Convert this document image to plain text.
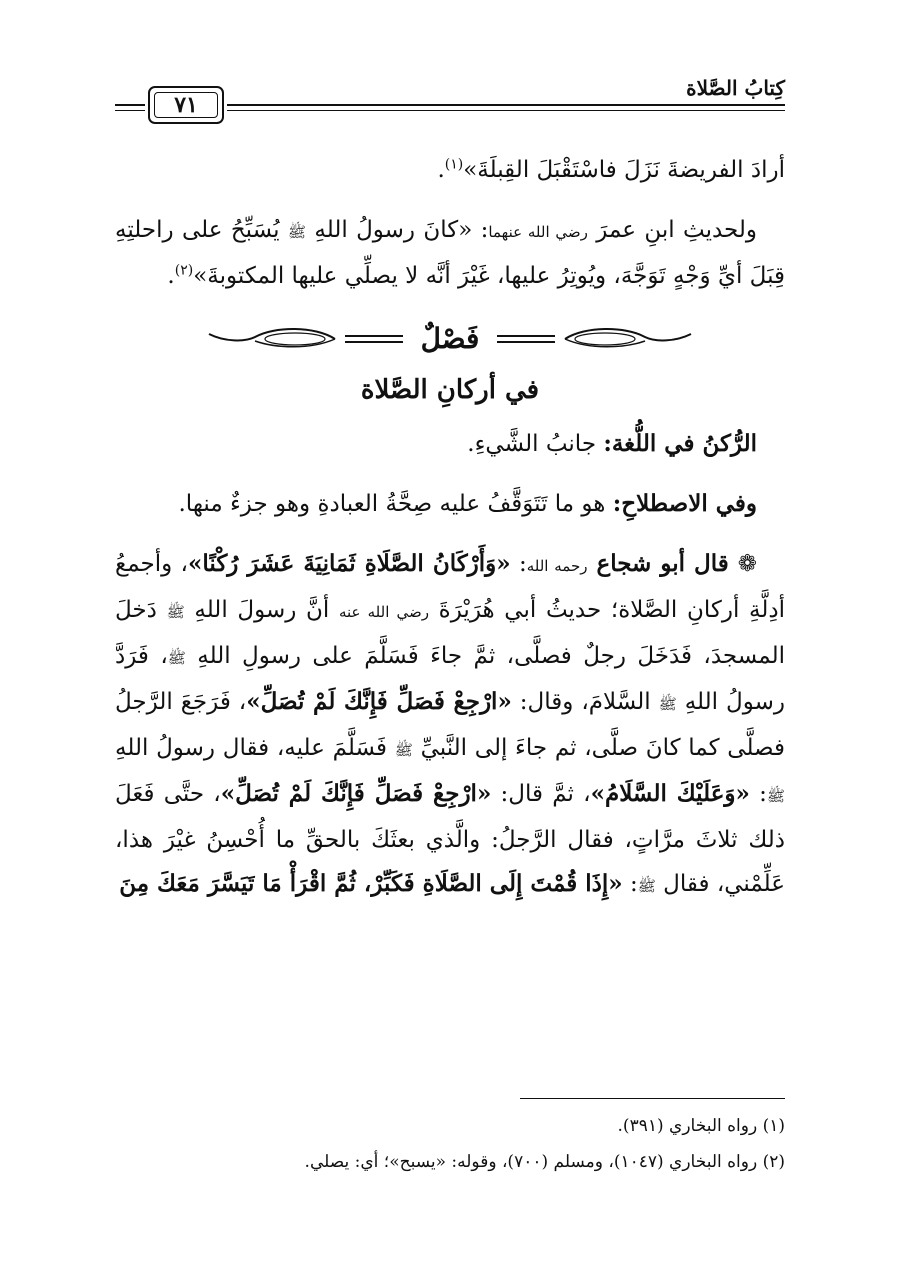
كِتابُ الصَّلاة
٧١

أرادَ الفريضةَ نَزَلَ فاسْتَقْبَلَ القِبلَةَ»$^{(١)}$.

ولحديثِ ابنِ عمرَ رضي الله عنهما: «كانَ رسولُ اللهِ ﷺ يُسَبِّحُ على راحلتِهِ قِبَلَ أيِّ وَجْهٍ تَوَجَّهَ، ويُوتِرُ عليها، غَيْرَ أنَّه لا يصلِّي عليها المكتوبةَ»$^{(٢)}$.

فَصْلٌ
في أركانِ الصَّلاة

الرُّكنُ في اللُّغة: جانبُ الشَّيءِ.

وفي الاصطلاحِ: هو ما تَتَوَقَّفُ عليه صِحَّةُ العبادةِ وهو جزءٌ منها.

❁ قال أبو شجاع رحمه الله: «وَأَرْكَانُ الصَّلَاةِ ثَمَانِيَةَ عَشَرَ رُكْنًا»، وأجمعُ أدِلَّةِ أركانِ الصَّلاة؛ حديثُ أبي هُرَيْرَةَ رضي الله عنه أنَّ رسولَ اللهِ ﷺ دَخلَ المسجدَ، فَدَخَلَ رجلٌ فصلَّى، ثمَّ جاءَ فَسَلَّمَ على رسولِ اللهِ ﷺ، فَرَدَّ رسولُ اللهِ ﷺ السَّلامَ، وقال: «ارْجِعْ فَصَلِّ فَإِنَّكَ لَمْ تُصَلِّ»، فَرَجَعَ الرَّجلُ فصلَّى كما كانَ صلَّى، ثم جاءَ إلى النَّبيِّ ﷺ فَسَلَّمَ عليه، فقال رسولُ اللهِ ﷺ: «وَعَلَيْكَ السَّلَامُ»، ثمَّ قال: «ارْجِعْ فَصَلِّ فَإِنَّكَ لَمْ تُصَلِّ»، حتَّى فَعَلَ ذلك ثلاثَ مرَّاتٍ، فقال الرَّجلُ: والَّذي بعثَكَ بالحقِّ ما أُحْسِنُ غيْرَ هذا، عَلِّمْني، فقال ﷺ: «إِذَا قُمْتَ إِلَى الصَّلَاةِ فَكَبِّرْ، ثُمَّ اقْرَأْ مَا تَيَسَّرَ مَعَكَ مِنَ

(١) رواه البخاري (٣٩١).

(٢) رواه البخاري (١٠٤٧)، ومسلم (٧٠٠)، وقوله: «يسبح»؛ أي: يصلي.
